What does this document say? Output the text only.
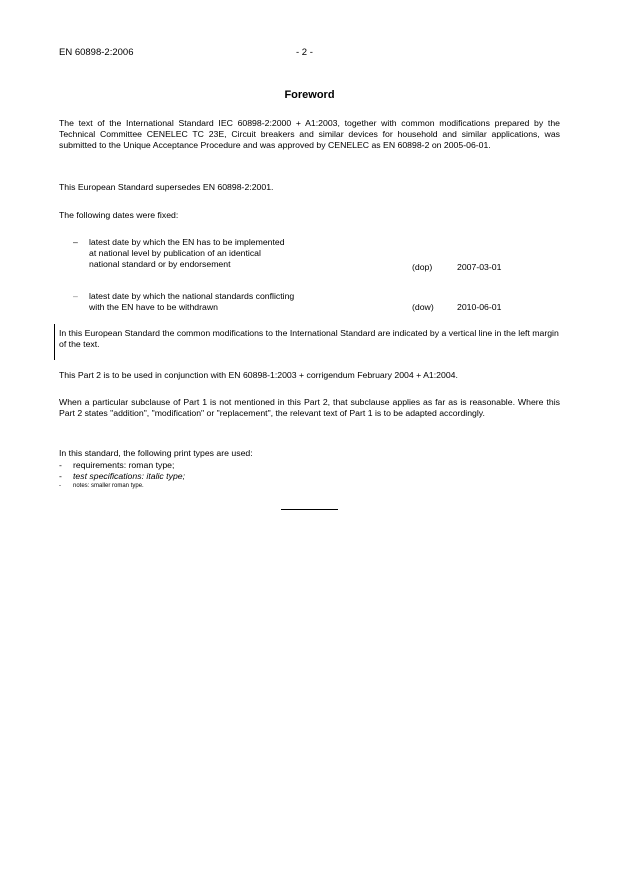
EN 60898-2:2006	- 2 -
Foreword

The text of the International Standard IEC 60898-2:2000 + A1:2003, together with common modifications prepared by the Technical Committee CENELEC TC 23E, Circuit breakers and similar devices for household and similar applications, was submitted to the Unique Acceptance Procedure and was approved by CENELEC as EN 60898-2 on 2005-06-01.

This European Standard supersedes EN 60898-2:2001.

The following dates were fixed:

– latest date by which the EN has to be implemented
at national level by publication of an identical
national standard or by endorsement	(dop)	2007-03-01
– latest date by which the national standards conflicting
with the EN have to be withdrawn	(dow)	2010-06-01

In this European Standard the common modifications to the International Standard are indicated by a vertical line in the left margin of the text.

This Part 2 is to be used in conjunction with EN 60898-1:2003 + corrigendum February 2004 + A1:2004.

When a particular subclause of Part 1 is not mentioned in this Part 2, that subclause applies as far as is reasonable. Where this Part 2 states "addition", "modification" or "replacement", the relevant text of Part 1 is to be adapted accordingly.

In this standard, the following print types are used:

- requirements: roman type;
- test specifications: italic type;
- notes: smaller roman type.
